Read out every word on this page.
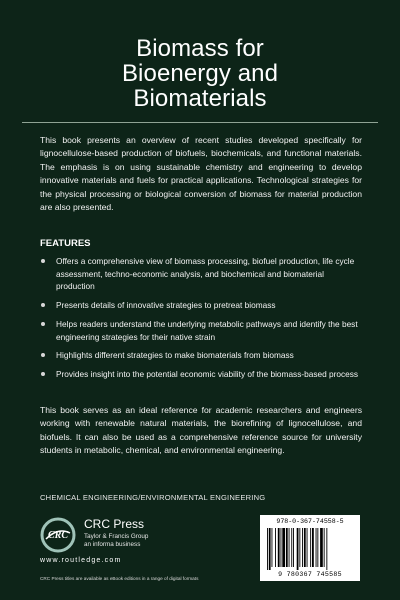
Biomass for
Bioenergy and
Biomaterials
This book presents an overview of recent studies developed specifically for lignocellulose-based production of biofuels, biochemicals, and functional materials. The emphasis is on using sustainable chemistry and engineering to develop innovative materials and fuels for practical applications. Technological strategies for the physical processing or biological conversion of biomass for material production are also presented.
FEATURES
Offers a comprehensive view of biomass processing, biofuel production, life cycle assessment, techno-economic analysis, and biochemical and biomaterial production
Presents details of innovative strategies to pretreat biomass
Helps readers understand the underlying metabolic pathways and identify the best engineering strategies for their native strain
Highlights different strategies to make biomaterials from biomass
Provides insight into the potential economic viability of the biomass-based process
This book serves as an ideal reference for academic researchers and engineers working with renewable natural materials, the biorefining of lignocellulose, and biofuels. It can also be used as a comprehensive reference source for university students in metabolic, chemical, and environmental engineering.
CHEMICAL ENGINEERING/ENVIRONMENTAL ENGINEERING
CRC
CRC Press
Taylor & Francis Group
an informa business
www.routledge.com
CRC Press titles are available as eBook editions in a range of digital formats
978-0-367-74558-5
9 780367 745585
